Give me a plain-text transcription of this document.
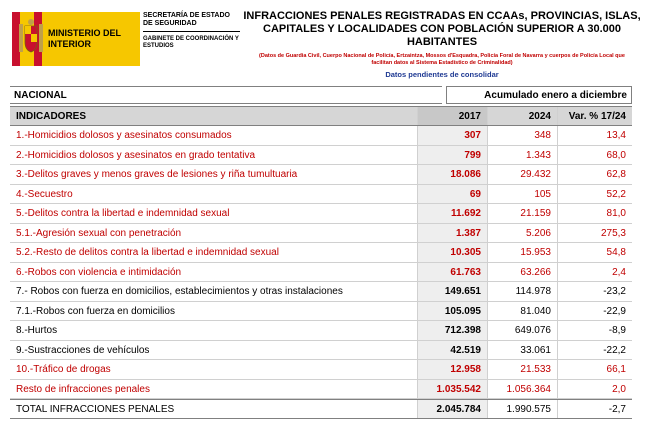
MINISTERIO DEL INTERIOR
SECRETARÍA DE ESTADO DE SEGURIDAD
GABINETE DE COORDINACIÓN Y ESTUDIOS
INFRACCIONES PENALES REGISTRADAS EN CCAAs, PROVINCIAS, ISLAS, CAPITALES Y LOCALIDADES CON POBLACIÓN SUPERIOR A 30.000 HABITANTES
(Datos de Guardia Civil, Cuerpo Nacional de Policía, Ertzaintza, Mossos d'Esquadra, Policía Foral de Navarra y cuerpos de Policía Local que facilitan datos al Sistema Estadístico de Criminalidad)
Datos pendientes de consolidar
NACIONAL	Acumulado enero a diciembre
INDICADORES	2017	2024	Var. % 17/24
1.-Homicidios dolosos y asesinatos consumados	307	348	13,4
2.-Homicidios dolosos y asesinatos en grado tentativa	799	1.343	68,0
3.-Delitos graves y menos graves de lesiones y riña tumultuaria	18.086	29.432	62,8
4.-Secuestro	69	105	52,2
5.-Delitos contra la libertad e indemnidad sexual	11.692	21.159	81,0
5.1.-Agresión sexual con penetración	1.387	5.206	275,3
5.2.-Resto de delitos contra la libertad e indemnidad sexual	10.305	15.953	54,8
6.-Robos con violencia e intimidación	61.763	63.266	2,4
7.- Robos con fuerza en domicilios, establecimientos y otras instalaciones	149.651	114.978	-23,2
7.1.-Robos con fuerza en domicilios	105.095	81.040	-22,9
8.-Hurtos	712.398	649.076	-8,9
9.-Sustracciones de vehículos	42.519	33.061	-22,2
10.-Tráfico de drogas	12.958	21.533	66,1
Resto de infracciones penales	1.035.542	1.056.364	2,0
TOTAL INFRACCIONES PENALES	2.045.784	1.990.575	-2,7
